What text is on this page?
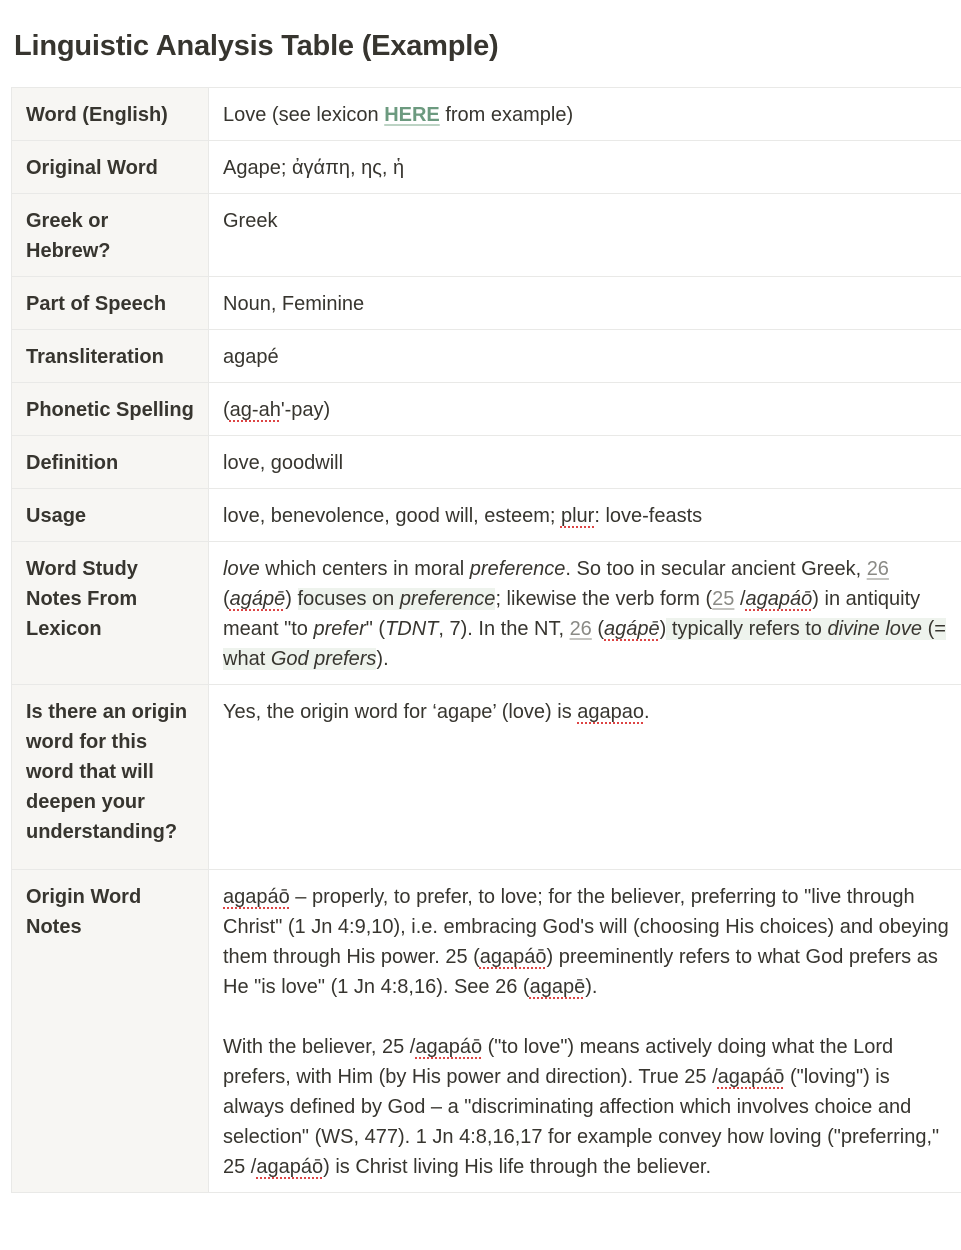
Linguistic Analysis Table (Example)
Word (English)	Love (see lexicon HERE from example)
Original Word	Agape; ἀγάπη, ης, ἡ
Greek or Hebrew?	Greek
Part of Speech	Noun, Feminine
Transliteration	agapé
Phonetic Spelling	(ag-ah'-pay)
Definition	love, goodwill
Usage	love, benevolence, good will, esteem; plur: love-feasts
Word Study Notes From Lexicon	love which centers in moral preference. So too in secular ancient Greek, 26 (agápē) focuses on preference; likewise the verb form (25 /agapáō) in antiquity meant "to prefer" (TDNT, 7). In the NT, 26 (agápē) typically refers to divine love (= what God prefers).
Is there an origin word for this word that will deepen your understanding?	Yes, the origin word for ‘agape’ (love) is agapao.
Origin Word Notes	agapáō – properly, to prefer, to love; for the believer, preferring to "live through Christ" (1 Jn 4:9,10), i.e. embracing God's will (choosing His choices) and obeying them through His power. 25 (agapáō) preeminently refers to what God prefers as He "is love" (1 Jn 4:8,16). See 26 (agapē).
With the believer, 25 /agapáō ("to love") means actively doing what the Lord prefers, with Him (by His power and direction). True 25 /agapáō ("loving") is always defined by God – a "discriminating affection which involves choice and selection" (WS, 477). 1 Jn 4:8,16,17 for example convey how loving ("preferring," 25 /agapáō) is Christ living His life through the believer.
